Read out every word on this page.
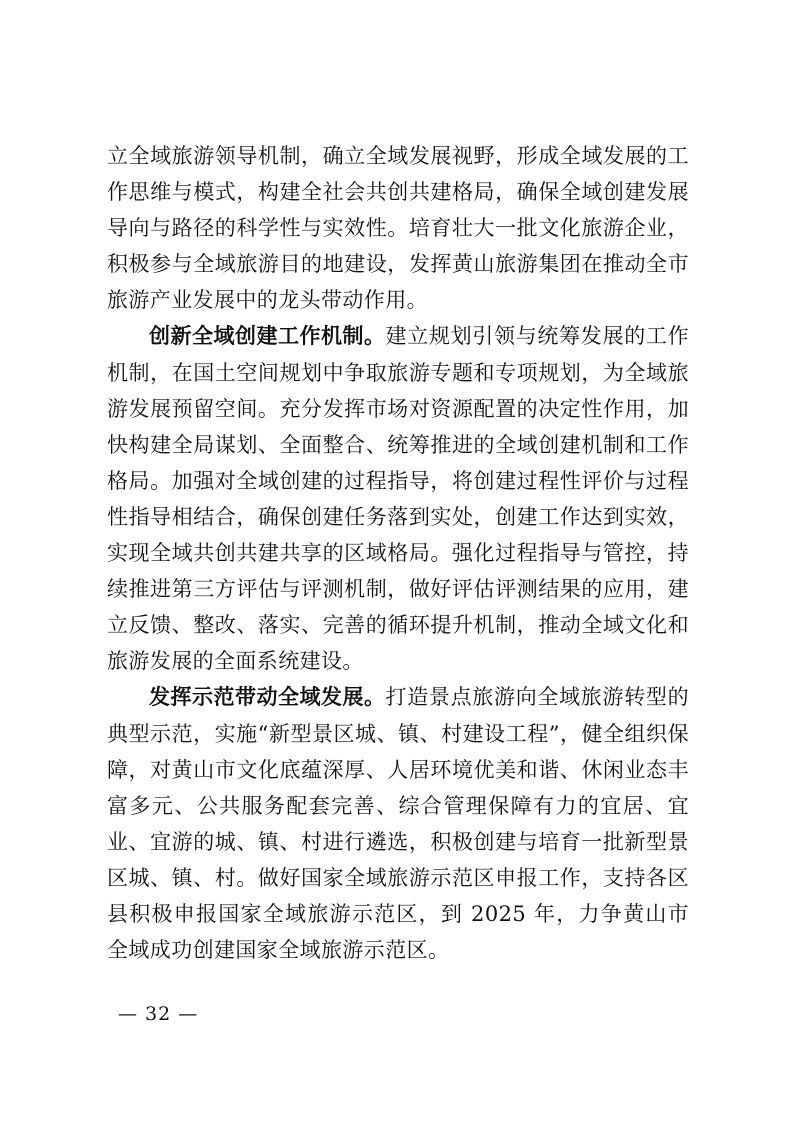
立全域旅游领导机制，确立全域发展视野，形成全域发展的工作思维与模式，构建全社会共创共建格局，确保全域创建发展导向与路径的科学性与实效性。培育壮大一批文化旅游企业，积极参与全域旅游目的地建设，发挥黄山旅游集团在推动全市旅游产业发展中的龙头带动作用。

创新全域创建工作机制。建立规划引领与统筹发展的工作机制，在国土空间规划中争取旅游专题和专项规划，为全域旅游发展预留空间。充分发挥市场对资源配置的决定性作用，加快构建全局谋划、全面整合、统筹推进的全域创建机制和工作格局。加强对全域创建的过程指导，将创建过程性评价与过程性指导相结合，确保创建任务落到实处，创建工作达到实效，实现全域共创共建共享的区域格局。强化过程指导与管控，持续推进第三方评估与评测机制，做好评估评测结果的应用，建立反馈、整改、落实、完善的循环提升机制，推动全域文化和旅游发展的全面系统建设。

发挥示范带动全域发展。打造景点旅游向全域旅游转型的典型示范，实施“新型景区城、镇、村建设工程”，健全组织保障，对黄山市文化底蕴深厚、人居环境优美和谐、休闲业态丰富多元、公共服务配套完善、综合管理保障有力的宜居、宜业、宜游的城、镇、村进行遴选，积极创建与培育一批新型景区城、镇、村。做好国家全域旅游示范区申报工作，支持各区县积极申报国家全域旅游示范区，到 2025 年，力争黄山市全域成功创建国家全域旅游示范区。

— 32 —
